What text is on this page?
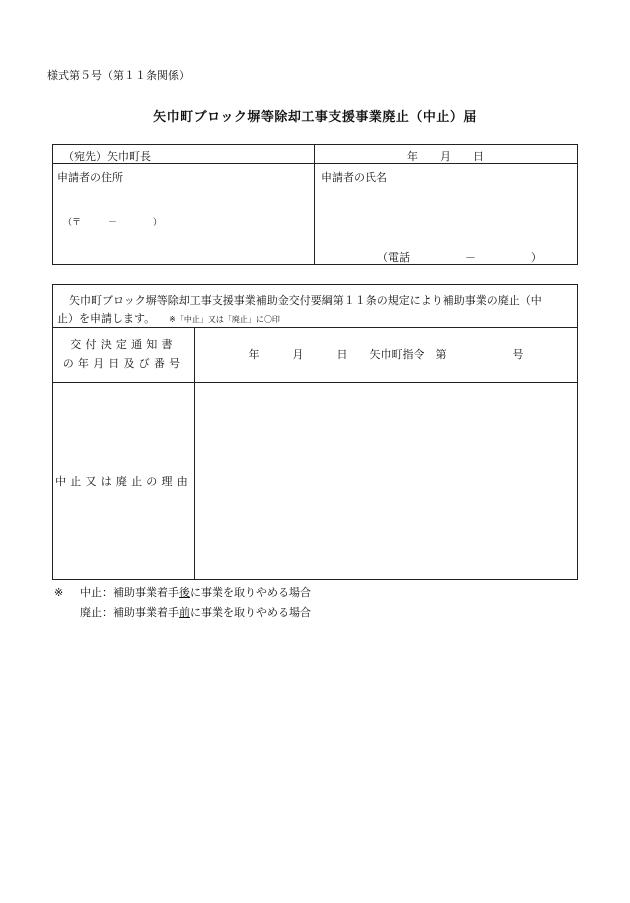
様式第５号（第１１条関係）
矢巾町ブロック塀等除却工事支援事業廃止（中止）届
（宛先）矢巾町長	年　　月　　日
申請者の住所
（〒　　　－　　　　）
申請者の氏名
（電話　　　　　－　　　　　）
矢巾町ブロック塀等除却工事支援事業補助金交付要綱第１１条の規定により補助事業の廃止（中
止）を申請します。 ※「中止」又は「廃止」に〇印
交付決定通知書
の年月日及び番号
年　　　月　　　日　　矢巾町指令　第　　　　　　号
中止又は廃止の理由
※ 中止：補助事業着手後に事業を取りやめる場合
廃止：補助事業着手前に事業を取りやめる場合
